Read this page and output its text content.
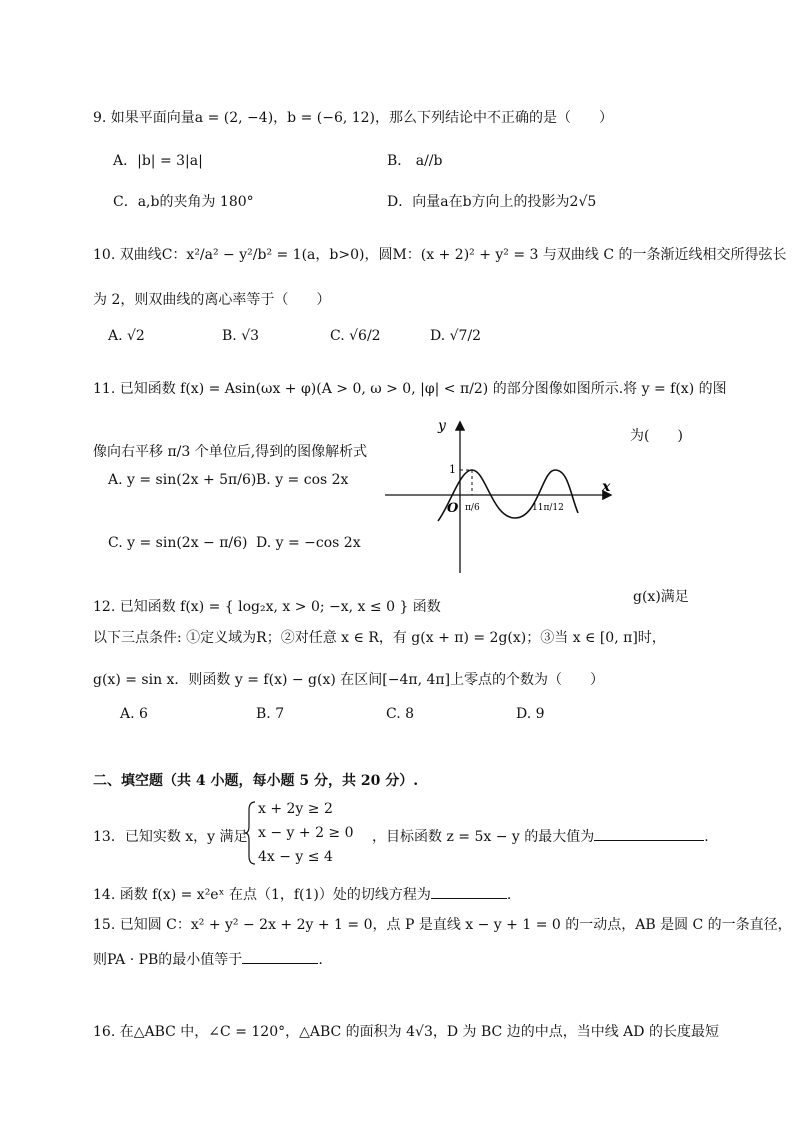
9. 如果平面向量a = (2, −4)，b = (−6, 12)，那么下列结论中不正确的是（　　）
A．|b| = 3|a|	B． a//b
C．a,b的夹角为 180°	D．向量a在b方向上的投影为2√5
10. 双曲线C：x²/a² − y²/b² = 1(a，b>0)，圆M：(x + 2)² + y² = 3 与双曲线 C 的一条渐近线相交所得弦长
为 2，则双曲线的离心率等于（　　）
A. √2	B. √3	C. √6/2	D. √7/2
11. 已知函数 f(x) = Asin(ωx + φ)(A > 0, ω > 0, |φ| < π/2) 的部分图像如图所示.将 y = f(x) 的图
像向右平移 π/3 个单位后,得到的图像解析式
为(　　)
A. y = sin(2x + 5π/6) B. y = cos 2x
C. y = sin(2x − π/6) D. y = −cos 2x
y
x
O
1
π/6	11π/12
12. 已知函数 f(x) = { log₂x, x > 0; −x, x ≤ 0 } 函数
g(x)满足
以下三点条件: ①定义域为R；②对任意 x ∈ R，有 g(x + π) = 2g(x)；③当 x ∈ [0, π]时，
g(x) = sin x．则函数 y = f(x) − g(x) 在区间[−4π, 4π]上零点的个数为（　　）
A. 6	B. 7	C. 8	D. 9
二、填空题（共 4 小题，每小题 5 分，共 20 分）.
13．已知实数 x，y 满足
x + 2y ≥ 2
x − y + 2 ≥ 0
4x − y ≤ 4
，目标函数 z = 5x − y 的最大值为	.
14. 函数 f(x) = x²eˣ 在点（1，f(1)）处的切线方程为	.
15. 已知圆 C：x² + y² − 2x + 2y + 1 = 0，点 P 是直线 x − y + 1 = 0 的一动点，AB 是圆 C 的一条直径，
则PA · PB的最小值等于	.
16. 在△ABC 中，∠C = 120°，△ABC 的面积为 4√3，D 为 BC 边的中点，当中线 AD 的长度最短
